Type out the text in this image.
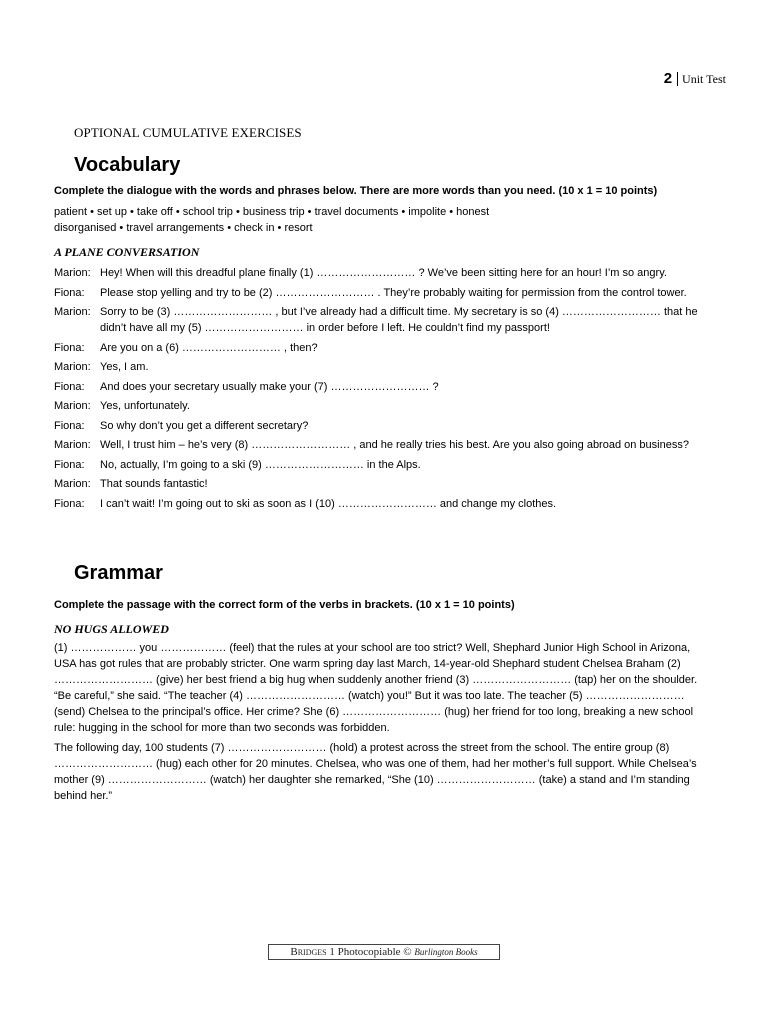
2 Unit Test
OPTIONAL CUMULATIVE EXERCISES
Vocabulary
Complete the dialogue with the words and phrases below. There are more words than you need. (10 x 1 = 10 points)
patient • set up • take off • school trip • business trip • travel documents • impolite • honest
disorganised • travel arrangements • check in • resort
A PLANE CONVERSATION
Marion: Hey! When will this dreadful plane finally (1) ……………………… ? We’ve been sitting here for an hour! I’m so angry.
Fiona:	Please stop yelling and try to be (2) ……………………… . They’re probably waiting for permission from the control tower.
Marion: Sorry to be (3) ……………………… , but I’ve already had a difficult time. My secretary is so (4) ……………………… that he didn’t have all my (5) ……………………… in order before I left. He couldn’t find my passport!
Fiona:	Are you on a (6) ……………………… , then?
Marion: Yes, I am.
Fiona:	And does your secretary usually make your (7) ……………………… ?
Marion: Yes, unfortunately.
Fiona:	So why don’t you get a different secretary?
Marion: Well, I trust him – he’s very (8) ……………………… , and he really tries his best. Are you also going abroad on business?
Fiona:	No, actually, I’m going to a ski (9) ……………………… in the Alps.
Marion: That sounds fantastic!
Fiona:	I can’t wait! I’m going out to ski as soon as I (10) ……………………… and change my clothes.
Grammar
Complete the passage with the correct form of the verbs in brackets. (10 x 1 = 10 points)
NO HUGS ALLOWED

(1) ……………… you ……………… (feel) that the rules at your school are too strict? Well, Shephard Junior High School in Arizona, USA has got rules that are probably stricter. One warm spring day last March, 14-year-old Shephard student Chelsea Braham (2) ……………………… (give) her best friend a big hug when suddenly another friend (3) ……………………… (tap) her on the shoulder. “Be careful,” she said. “The teacher (4) ……………………… (watch) you!” But it was too late. The teacher (5) ……………………… (send) Chelsea to the principal’s office. Her crime? She (6) ……………………… (hug) her friend for too long, breaking a new school rule: hugging in the school for more than two seconds was forbidden.

The following day, 100 students (7) ……………………… (hold) a protest across the street from the school. The entire group (8) ……………………… (hug) each other for 20 minutes. Chelsea, who was one of them, had her mother’s full support. While Chelsea’s mother (9) ……………………… (watch) her daughter she remarked, “She (10) ……………………… (take) a stand and I’m standing behind her.”

Bridges 1 Photocopiable © Burlington Books
